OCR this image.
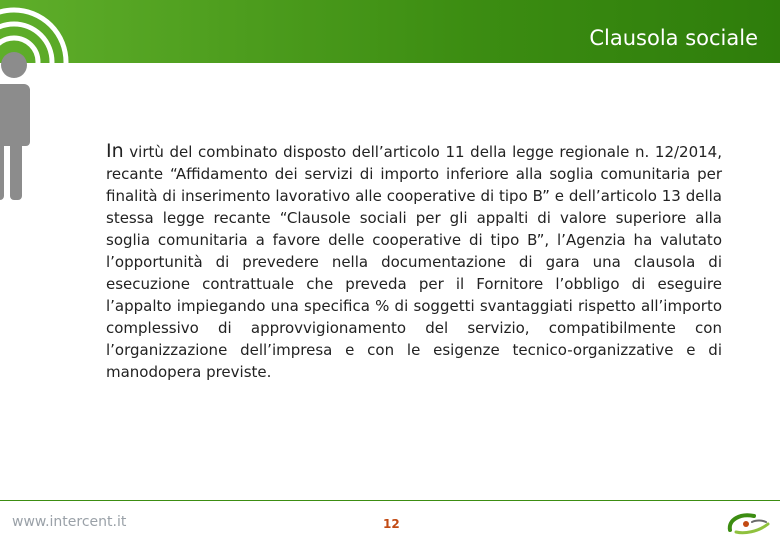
Clausola sociale

In virtù del combinato disposto dell’articolo 11 della legge regionale n. 12/2014, recante “Affidamento dei servizi di importo inferiore alla soglia comunitaria per finalità di inserimento lavorativo alle cooperative di tipo B” e dell’articolo 13 della stessa legge recante “Clausole sociali per gli appalti di valore superiore alla soglia comunitaria a favore delle cooperative di tipo B”, l’Agenzia ha valutato l’opportunità di prevedere nella documentazione di gara una clausola di esecuzione contrattuale che preveda per il Fornitore l’obbligo di eseguire l’appalto impiegando una specifica % di soggetti svantaggiati rispetto all’importo complessivo di approvvigionamento del servizio, compatibilmente con l’organizzazione dell’impresa e con le esigenze tecnico-organizzative e di manodopera previste.

www.intercent.it	12
